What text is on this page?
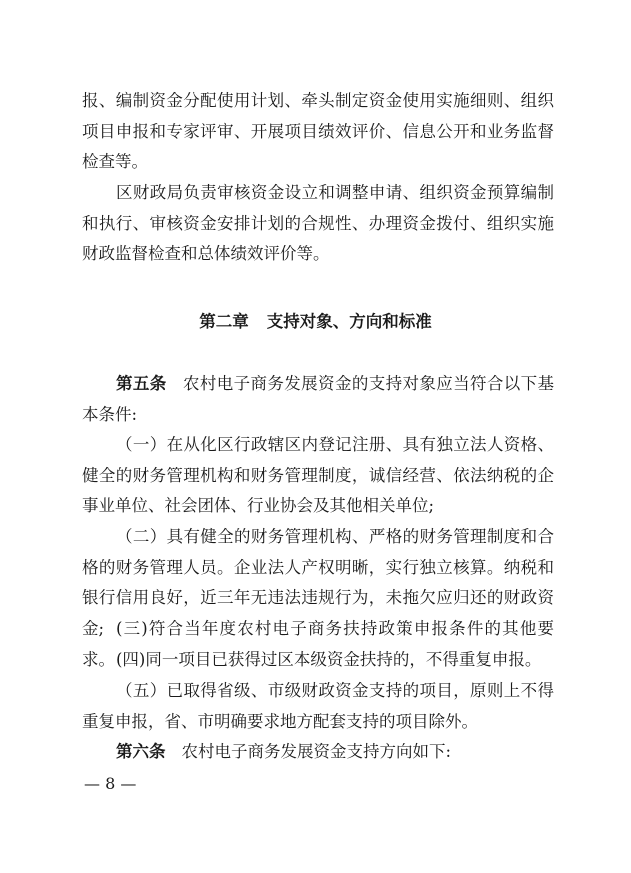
报、编制资金分配使用计划、牵头制定资金使用实施细则、组织项目申报和专家评审、开展项目绩效评价、信息公开和业务监督检查等。

区财政局负责审核资金设立和调整申请、组织资金预算编制和执行、审核资金安排计划的合规性、办理资金拨付、组织实施财政监督检查和总体绩效评价等。

第二章 支持对象、方向和标准

第五条 农村电子商务发展资金的支持对象应当符合以下基本条件:

（一）在从化区行政辖区内登记注册、具有独立法人资格、健全的财务管理机构和财务管理制度，诚信经营、依法纳税的企事业单位、社会团体、行业协会及其他相关单位;

（二）具有健全的财务管理机构、严格的财务管理制度和合格的财务管理人员。企业法人产权明晰，实行独立核算。纳税和银行信用良好，近三年无违法违规行为，未拖欠应归还的财政资金; (三)符合当年度农村电子商务扶持政策申报条件的其他要求。 (四)同一项目已获得过区本级资金扶持的，不得重复申报。

（五）已取得省级、市级财政资金支持的项目，原则上不得重复申报，省、市明确要求地方配套支持的项目除外。

第六条 农村电子商务发展资金支持方向如下:

— 8 —
